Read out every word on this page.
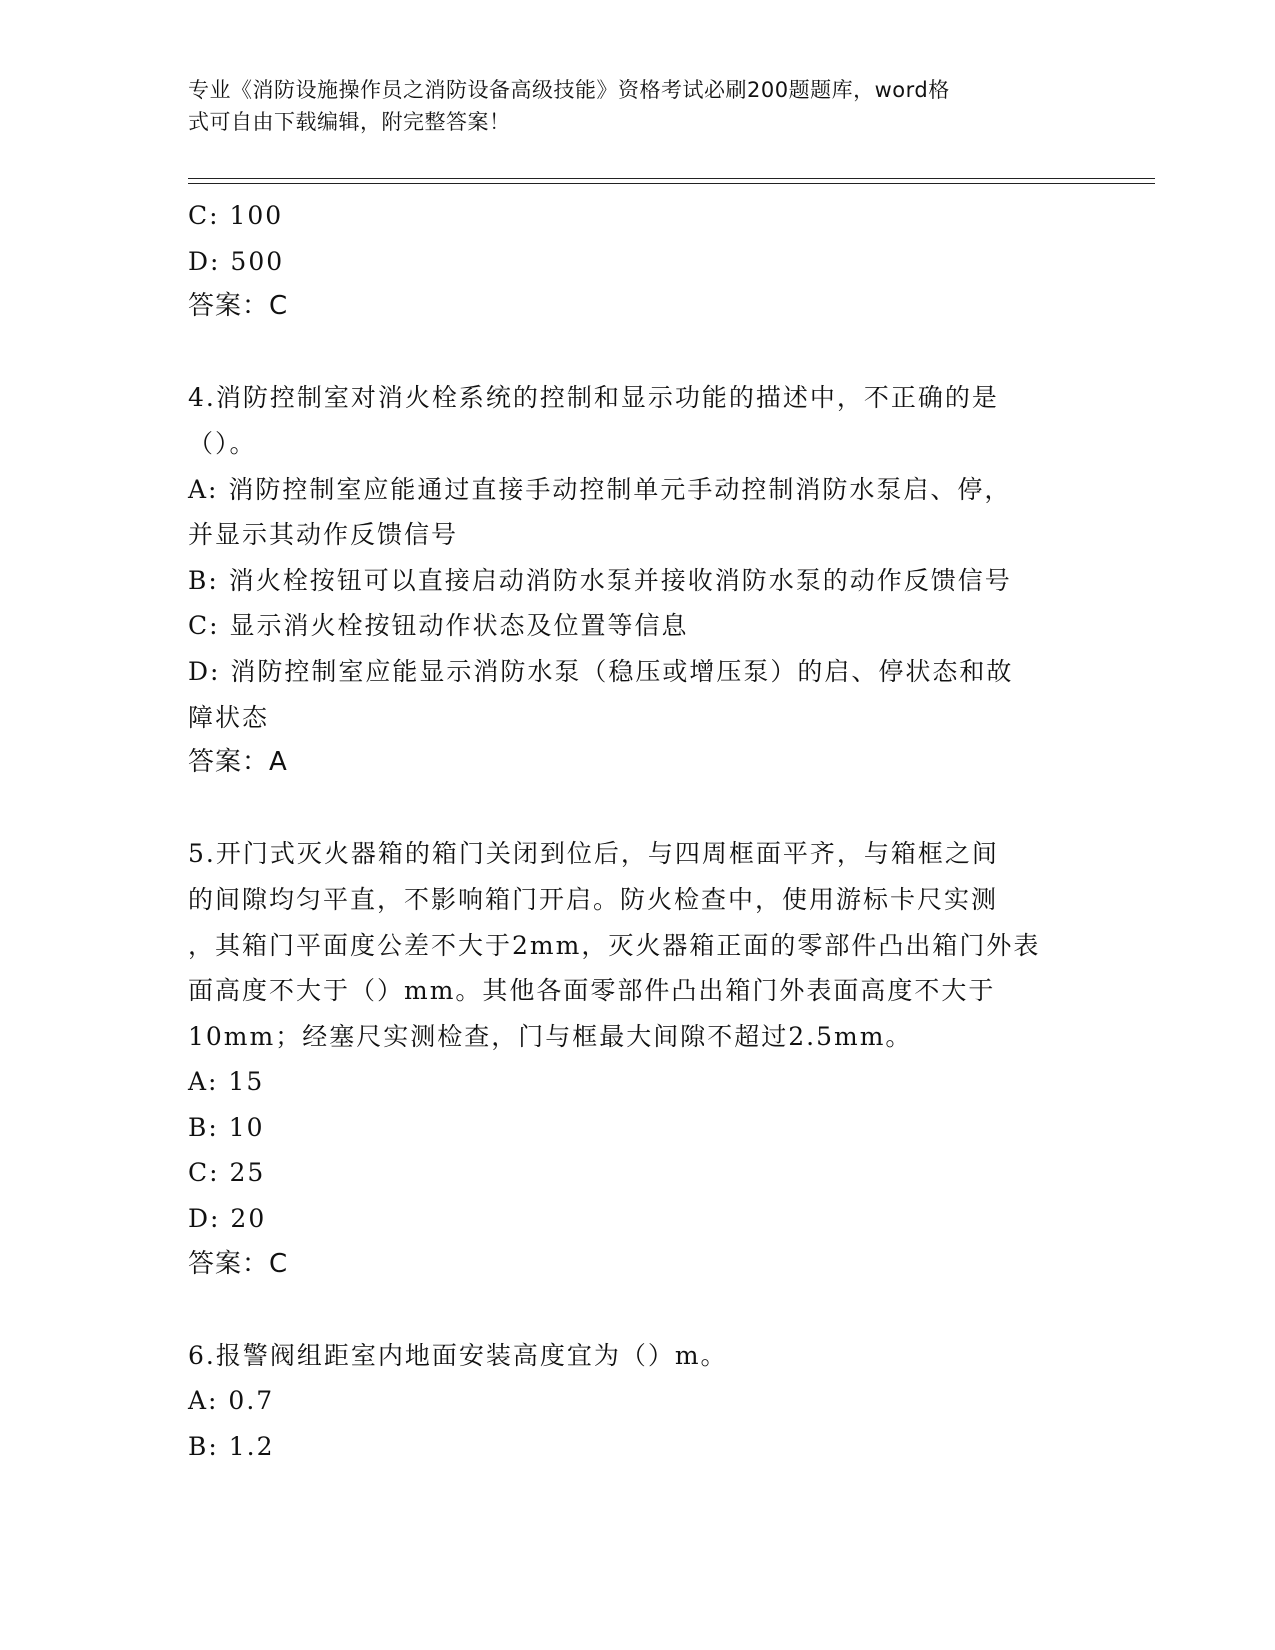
专业《消防设施操作员之消防设备高级技能》资格考试必刷200题题库，word格
式可自由下载编辑，附完整答案！
C: 100
D: 500
答案：C
4.消防控制室对消火栓系统的控制和显示功能的描述中，不正确的是
（）。
A: 消防控制室应能通过直接手动控制单元手动控制消防水泵启、停，
并显示其动作反馈信号
B: 消火栓按钮可以直接启动消防水泵并接收消防水泵的动作反馈信号
C: 显示消火栓按钮动作状态及位置等信息
D: 消防控制室应能显示消防水泵（稳压或增压泵）的启、停状态和故
障状态
答案：A
5.开门式灭火器箱的箱门关闭到位后，与四周框面平齐，与箱框之间
的间隙均匀平直，不影响箱门开启。防火检查中，使用游标卡尺实测
，其箱门平面度公差不大于2mm，灭火器箱正面的零部件凸出箱门外表
面高度不大于（）mm。其他各面零部件凸出箱门外表面高度不大于
10mm；经塞尺实测检查，门与框最大间隙不超过2.5mm。
A: 15
B: 10
C: 25
D: 20
答案：C
6.报警阀组距室内地面安装高度宜为（）m。
A: 0.7
B: 1.2
